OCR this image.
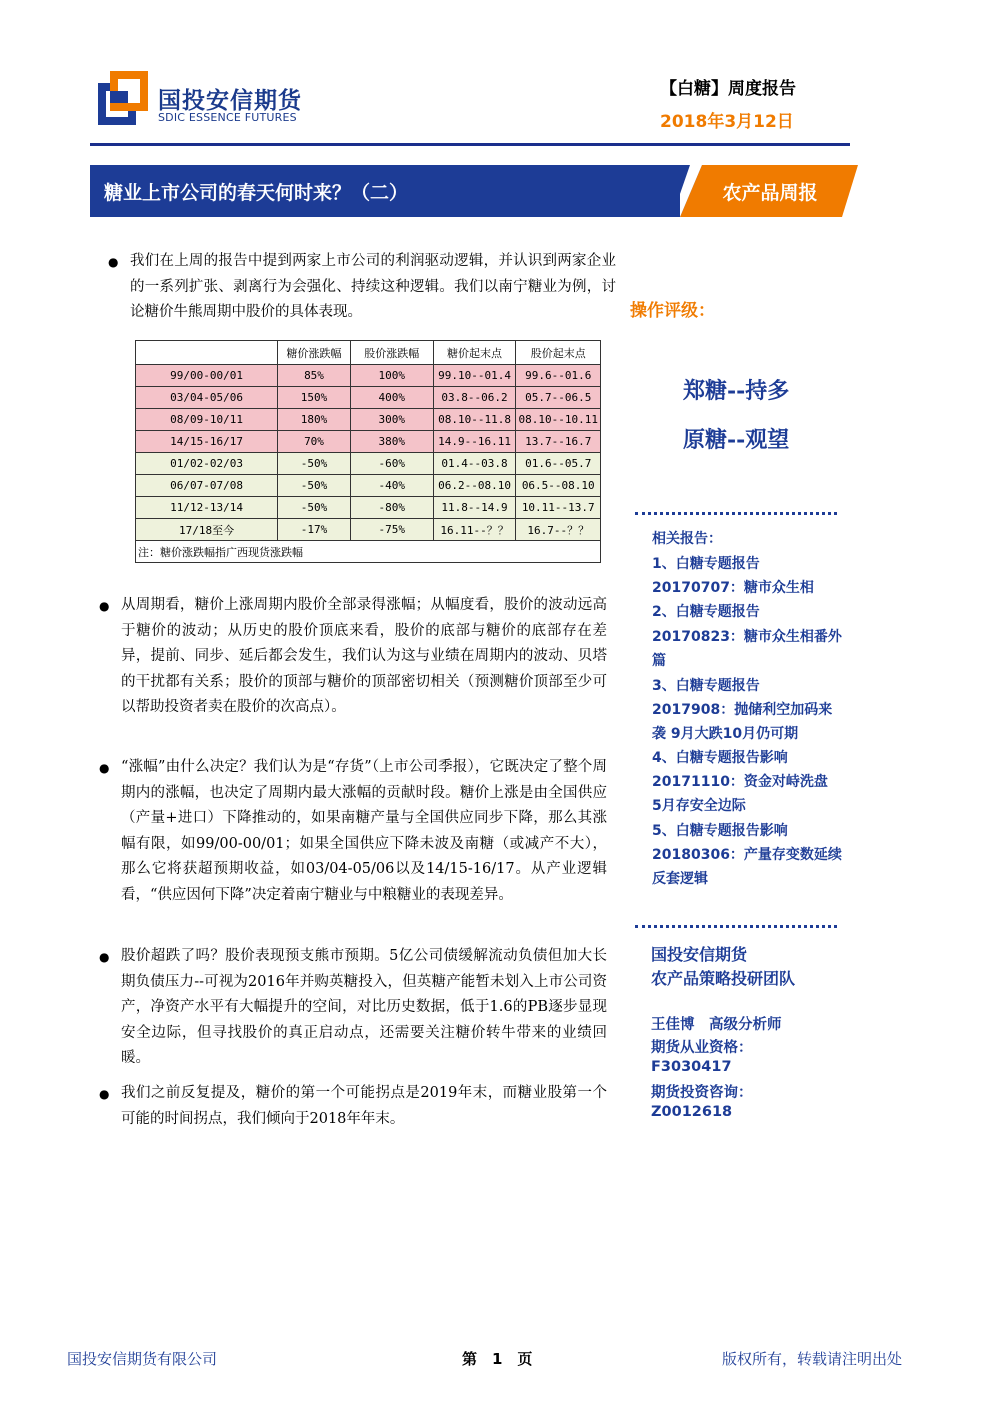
国投安信期货
SDIC ESSENCE FUTURES
【白糖】周度报告
2018年3月12日
糖业上市公司的春天何时来？（二）	农产品周报
● 我们在上周的报告中提到两家上市公司的利润驱动逻辑，并认识到两家企业的一系列扩张、剥离行为会强化、持续这种逻辑。我们以南宁糖业为例，讨论糖价牛熊周期中股价的具体表现。
	糖价涨跌幅	股价涨跌幅	糖价起末点	股价起末点
99/00-00/01	85%	100%	99.10--01.4	99.6--01.6
03/04-05/06	150%	400%	03.8--06.2	05.7--06.5
08/09-10/11	180%	300%	08.10--11.8	08.10--10.11
14/15-16/17	70%	380%	14.9--16.11	13.7--16.7
01/02-02/03	-50%	-60%	01.4--03.8	01.6--05.7
06/07-07/08	-50%	-40%	06.2--08.10	06.5--08.10
11/12-13/14	-50%	-80%	11.8--14.9	10.11--13.7
17/18至今	-17%	-75%	16.11--？？	16.7--？？
注：糖价涨跌幅指广西现货涨跌幅				
● 从周期看，糖价上涨周期内股价全部录得涨幅；从幅度看，股价的波动远高于糖价的波动；从历史的股价顶底来看，股价的底部与糖价的底部存在差异，提前、同步、延后都会发生，我们认为这与业绩在周期内的波动、贝塔的干扰都有关系；股价的顶部与糖价的顶部密切相关（预测糖价顶部至少可以帮助投资者卖在股价的次高点）。
● “涨幅”由什么决定？我们认为是“存货”（上市公司季报），它既决定了整个周期内的涨幅，也决定了周期内最大涨幅的贡献时段。糖价上涨是由全国供应（产量+进口）下降推动的，如果南糖产量与全国供应同步下降，那么其涨幅有限，如99/00-00/01；如果全国供应下降未波及南糖（或减产不大），那么它将获超预期收益，如03/04-05/06以及14/15-16/17。从产业逻辑看，“供应因何下降”决定着南宁糖业与中粮糖业的表现差异。
● 股价超跌了吗？股价表现预支熊市预期。5亿公司债缓解流动负债但加大长期负债压力--可视为2016年并购英糖投入，但英糖产能暂未划入上市公司资产，净资产水平有大幅提升的空间，对比历史数据，低于1.6的PB逐步显现安全边际，但寻找股价的真正启动点，还需要关注糖价转牛带来的业绩回暖。
● 我们之前反复提及，糖价的第一个可能拐点是2019年末，而糖业股第一个可能的时间拐点，我们倾向于2018年年末。
操作评级：
郑糖--持多
原糖--观望
相关报告：
1、白糖专题报告
20170707：糖市众生相
2、白糖专题报告
20170823：糖市众生相番外篇
3、白糖专题报告
2017908：抛储利空加码来袭 9月大跌10月仍可期
4、白糖专题报告影响
20171110：资金对峙洗盘 5月存安全边际
5、白糖专题报告影响
20180306：产量存变数延续反套逻辑
国投安信期货
农产品策略投研团队
王佳博　高级分析师
期货从业资格：
F3030417
期货投资咨询：
Z0012618
国投安信期货有限公司	第　1　页	版权所有，转载请注明出处
